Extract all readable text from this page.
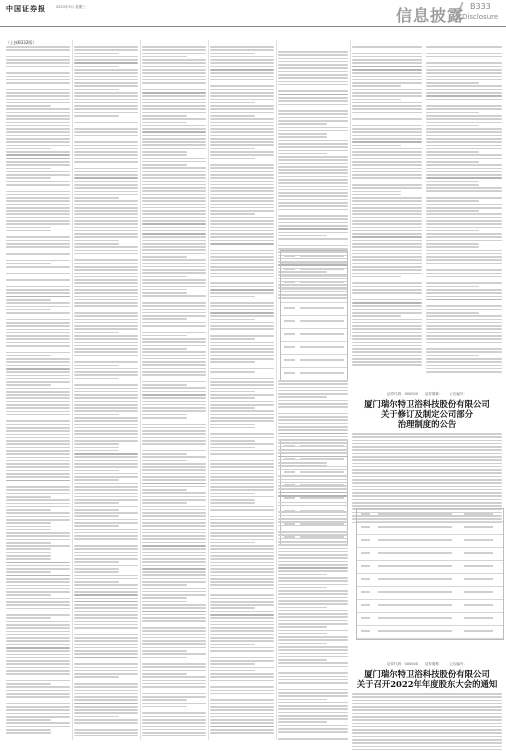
中国证券报	2023年3月 星期三	信息披露 B333
Disclosure
（上接B332版）
证券代码：000000　　证券简称：　　公告编号：
厦门瑞尔特卫浴科技股份有限公司
关于修订及制定公司部分
治理制度的公告
证券代码：000000　　证券简称：　　公告编号：
厦门瑞尔特卫浴科技股份有限公司
关于召开2022年年度股东大会的通知
